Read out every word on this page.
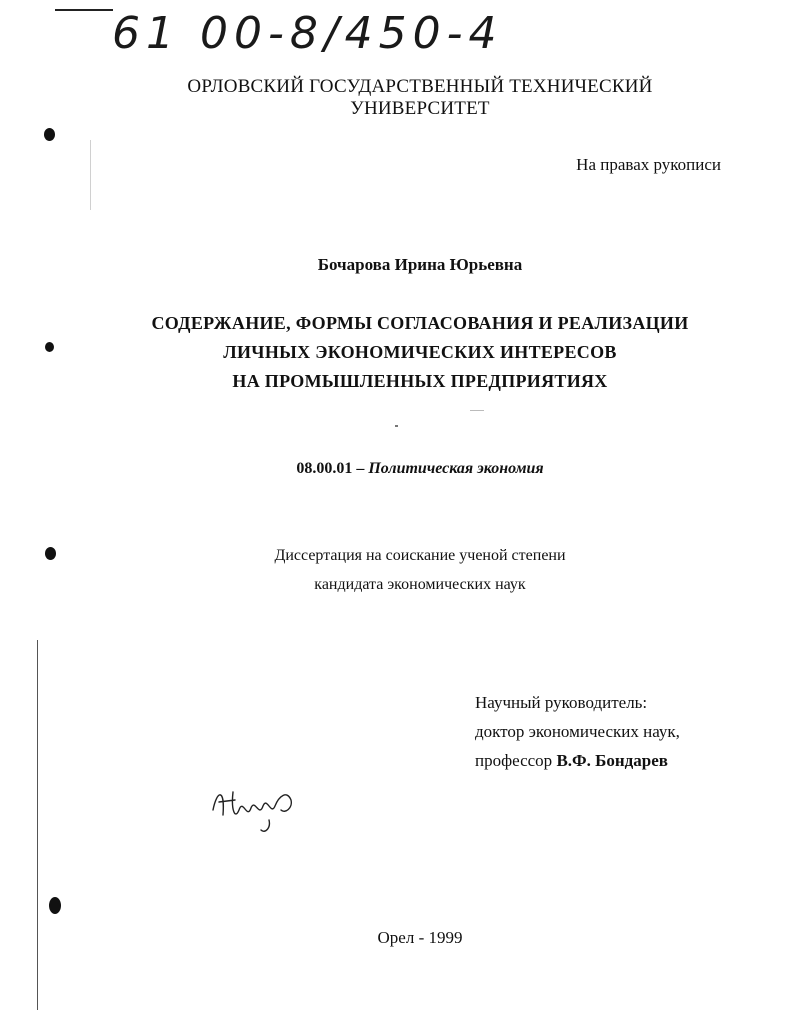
61 00-8/450-4
ОРЛОВСКИЙ ГОСУДАРСТВЕННЫЙ ТЕХНИЧЕСКИЙ УНИВЕРСИТЕТ
На правах рукописи
Бочарова Ирина Юрьевна
СОДЕРЖАНИЕ, ФОРМЫ СОГЛАСОВАНИЯ И РЕАЛИЗАЦИИ
ЛИЧНЫХ ЭКОНОМИЧЕСКИХ ИНТЕРЕСОВ
НА ПРОМЫШЛЕННЫХ ПРЕДПРИЯТИЯХ
08.00.01 – Политическая экономия
Диссертация на соискание ученой степени
кандидата экономических наук
Научный руководитель:
доктор экономических наук,
профессор В.Ф. Бондарев
Орел - 1999
